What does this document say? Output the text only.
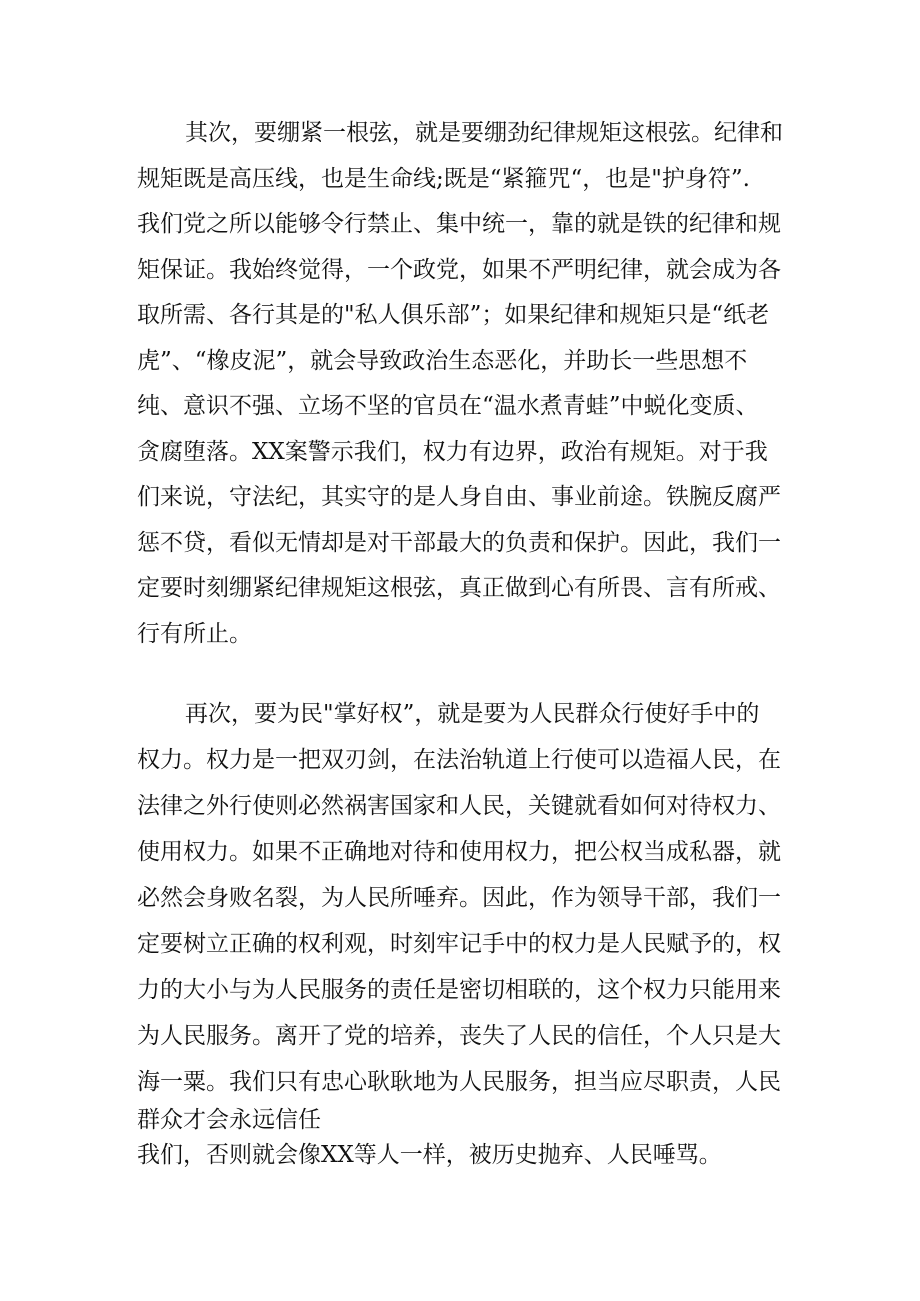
其次，要绷紧一根弦，就是要绷劲纪律规矩这根弦。纪律和
规矩既是高压线，也是生命线;既是“紧箍咒“，也是"护身符”.
我们党之所以能够令行禁止、集中统一，靠的就是铁的纪律和规
矩保证。我始终觉得，一个政党，如果不严明纪律，就会成为各
取所需、各行其是的"私人俱乐部”；如果纪律和规矩只是“纸老
虎”、“橡皮泥”，就会导致政治生态恶化，并助长一些思想不
纯、意识不强、立场不坚的官员在“温水煮青蛙”中蜕化变质、
贪腐堕落。XX案警示我们，权力有边界，政治有规矩。对于我
们来说，守法纪，其实守的是人身自由、事业前途。铁腕反腐严
惩不贷，看似无情却是对干部最大的负责和保护。因此，我们一
定要时刻绷紧纪律规矩这根弦，真正做到心有所畏、言有所戒、
行有所止。
再次，要为民"掌好权”，就是要为人民群众行使好手中的
权力。权力是一把双刃剑，在法治轨道上行使可以造福人民，在
法律之外行使则必然祸害国家和人民，关键就看如何对待权力、
使用权力。如果不正确地对待和使用权力，把公权当成私器，就
必然会身败名裂，为人民所唾弃。因此，作为领导干部，我们一
定要树立正确的权利观，时刻牢记手中的权力是人民赋予的，权
力的大小与为人民服务的责任是密切相联的，这个权力只能用来
为人民服务。离开了党的培养，丧失了人民的信任，个人只是大
海一粟。我们只有忠心耿耿地为人民服务，担当应尽职责，人民
群众才会永远信任
我们，否则就会像XX等人一样，被历史抛弃、人民唾骂。
